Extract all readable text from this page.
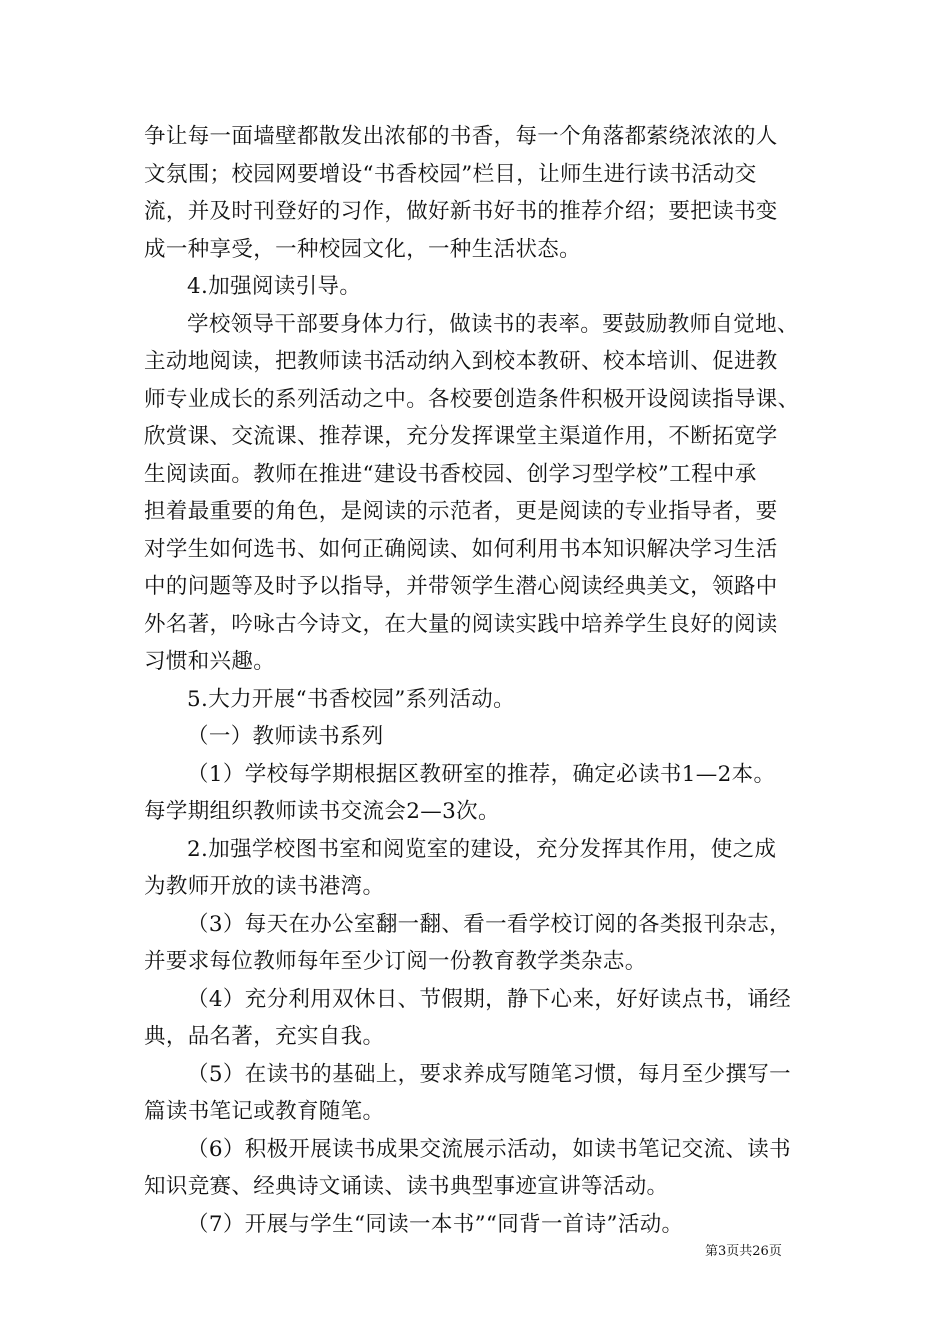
争让每一面墙壁都散发出浓郁的书香，每一个角落都萦绕浓浓的人
文氛围；校园网要增设“书香校园”栏目，让师生进行读书活动交
流，并及时刊登好的习作，做好新书好书的推荐介绍；要把读书变
成一种享受，一种校园文化，一种生活状态。
4.加强阅读引导。
学校领导干部要身体力行，做读书的表率。要鼓励教师自觉地、
主动地阅读，把教师读书活动纳入到校本教研、校本培训、促进教
师专业成长的系列活动之中。各校要创造条件积极开设阅读指导课、
欣赏课、交流课、推荐课，充分发挥课堂主渠道作用，不断拓宽学
生阅读面。教师在推进“建设书香校园、创学习型学校”工程中承
担着最重要的角色，是阅读的示范者，更是阅读的专业指导者，要
对学生如何选书、如何正确阅读、如何利用书本知识解决学习生活
中的问题等及时予以指导，并带领学生潜心阅读经典美文，领路中
外名著，吟咏古今诗文，在大量的阅读实践中培养学生良好的阅读
习惯和兴趣。
5.大力开展“书香校园”系列活动。
（一）教师读书系列
（1）学校每学期根据区教研室的推荐，确定必读书1—2本。
每学期组织教师读书交流会2—3次。
2.加强学校图书室和阅览室的建设，充分发挥其作用，使之成
为教师开放的读书港湾。
（3）每天在办公室翻一翻、看一看学校订阅的各类报刊杂志，
并要求每位教师每年至少订阅一份教育教学类杂志。
（4）充分利用双休日、节假期，静下心来，好好读点书，诵经
典，品名著，充实自我。
（5）在读书的基础上，要求养成写随笔习惯，每月至少撰写一
篇读书笔记或教育随笔。
（6）积极开展读书成果交流展示活动，如读书笔记交流、读书
知识竞赛、经典诗文诵读、读书典型事迹宣讲等活动。
（7）开展与学生“同读一本书”“同背一首诗”活动。
第3页共26页
